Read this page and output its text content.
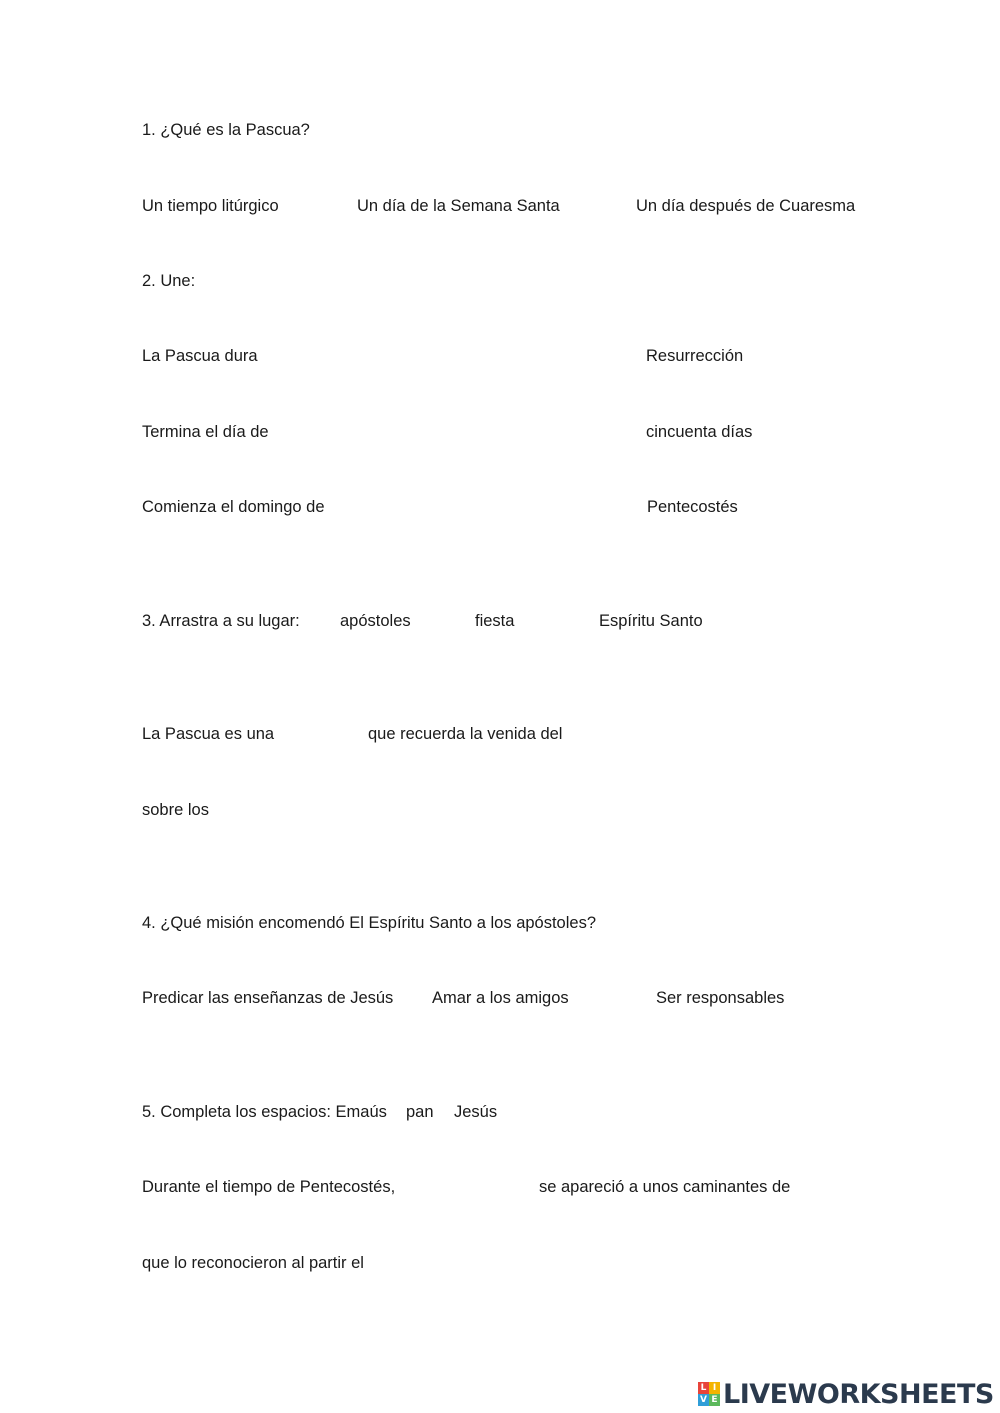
1. ¿Qué es la Pascua?
Un tiempo litúrgico	Un día de la Semana Santa	Un día después de Cuaresma
2. Une:
La Pascua dura	Resurrección
Termina el día de	cincuenta días
Comienza el domingo de	Pentecostés
3. Arrastra a su lugar: apóstoles	fiesta	Espíritu Santo
La Pascua es una	que recuerda la venida del
sobre los
4. ¿Qué misión encomendó El Espíritu Santo a los apóstoles?
Predicar las enseñanzas de Jesús Amar a los amigos	Ser responsables
5. Completa los espacios: Emaús pan Jesús
Durante el tiempo de Pentecostés,	se apareció a unos caminantes de
que lo reconocieron al partir el
L I
V E LIVEWORKSHEETS
